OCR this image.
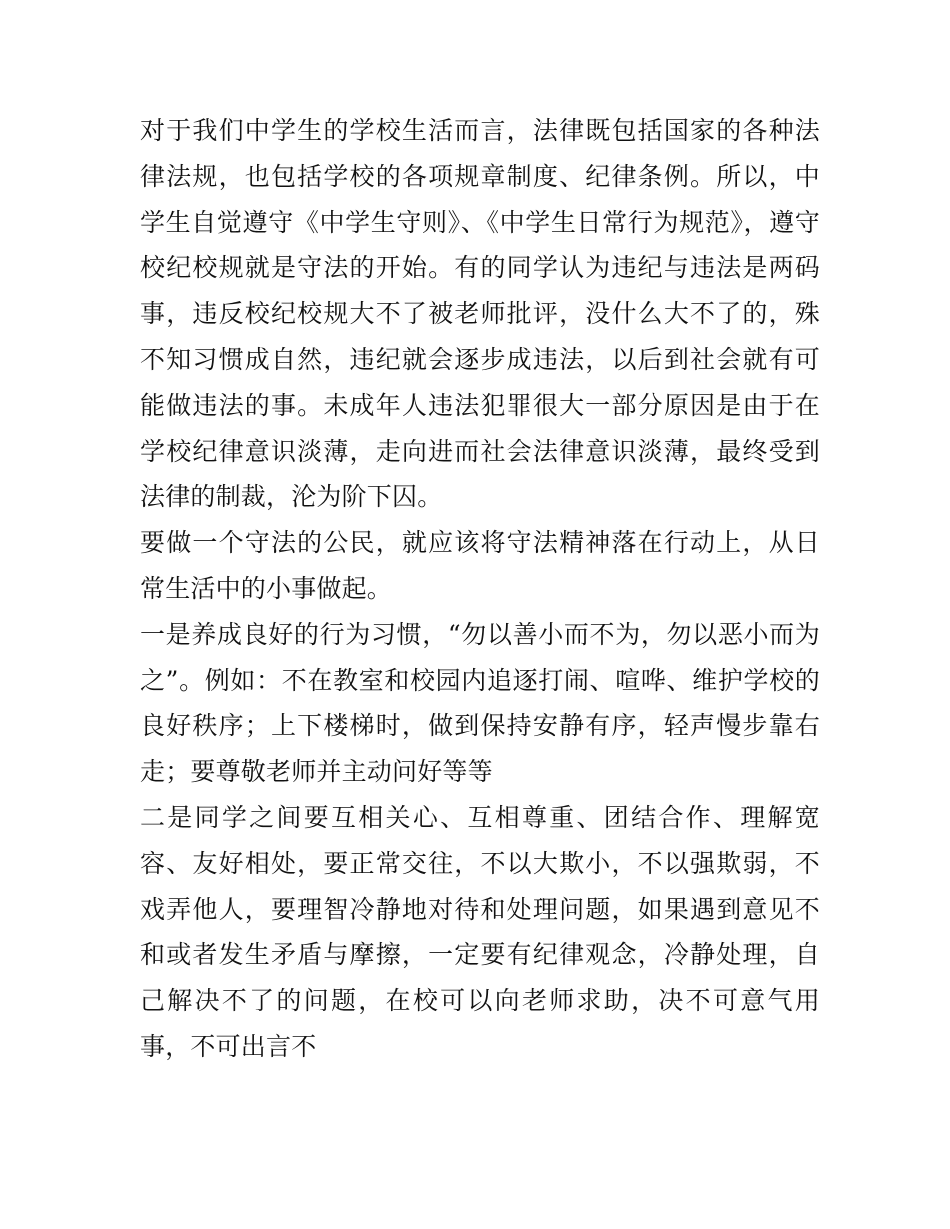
对于我们中学生的学校生活而言，法律既包括国家的各种法律法规，也包括学校的各项规章制度、纪律条例。所以，中学生自觉遵守《中学生守则》、《中学生日常行为规范》，遵守校纪校规就是守法的开始。有的同学认为违纪与违法是两码事，违反校纪校规大不了被老师批评，没什么大不了的，殊不知习惯成自然，违纪就会逐步成违法，以后到社会就有可能做违法的事。未成年人违法犯罪很大一部分原因是由于在学校纪律意识淡薄，走向进而社会法律意识淡薄，最终受到法律的制裁，沦为阶下囚。

要做一个守法的公民，就应该将守法精神落在行动上，从日常生活中的小事做起。

一是养成良好的行为习惯，“勿以善小而不为，勿以恶小而为之”。例如：不在教室和校园内追逐打闹、喧哗、维护学校的良好秩序；上下楼梯时，做到保持安静有序，轻声慢步靠右走；要尊敬老师并主动问好等等

二是同学之间要互相关心、互相尊重、团结合作、理解宽容、友好相处，要正常交往，不以大欺小，不以强欺弱，不戏弄他人，要理智冷静地对待和处理问题，如果遇到意见不和或者发生矛盾与摩擦，一定要有纪律观念，冷静处理，自己解决不了的问题，在校可以向老师求助，决不可意气用事，不可出言不
